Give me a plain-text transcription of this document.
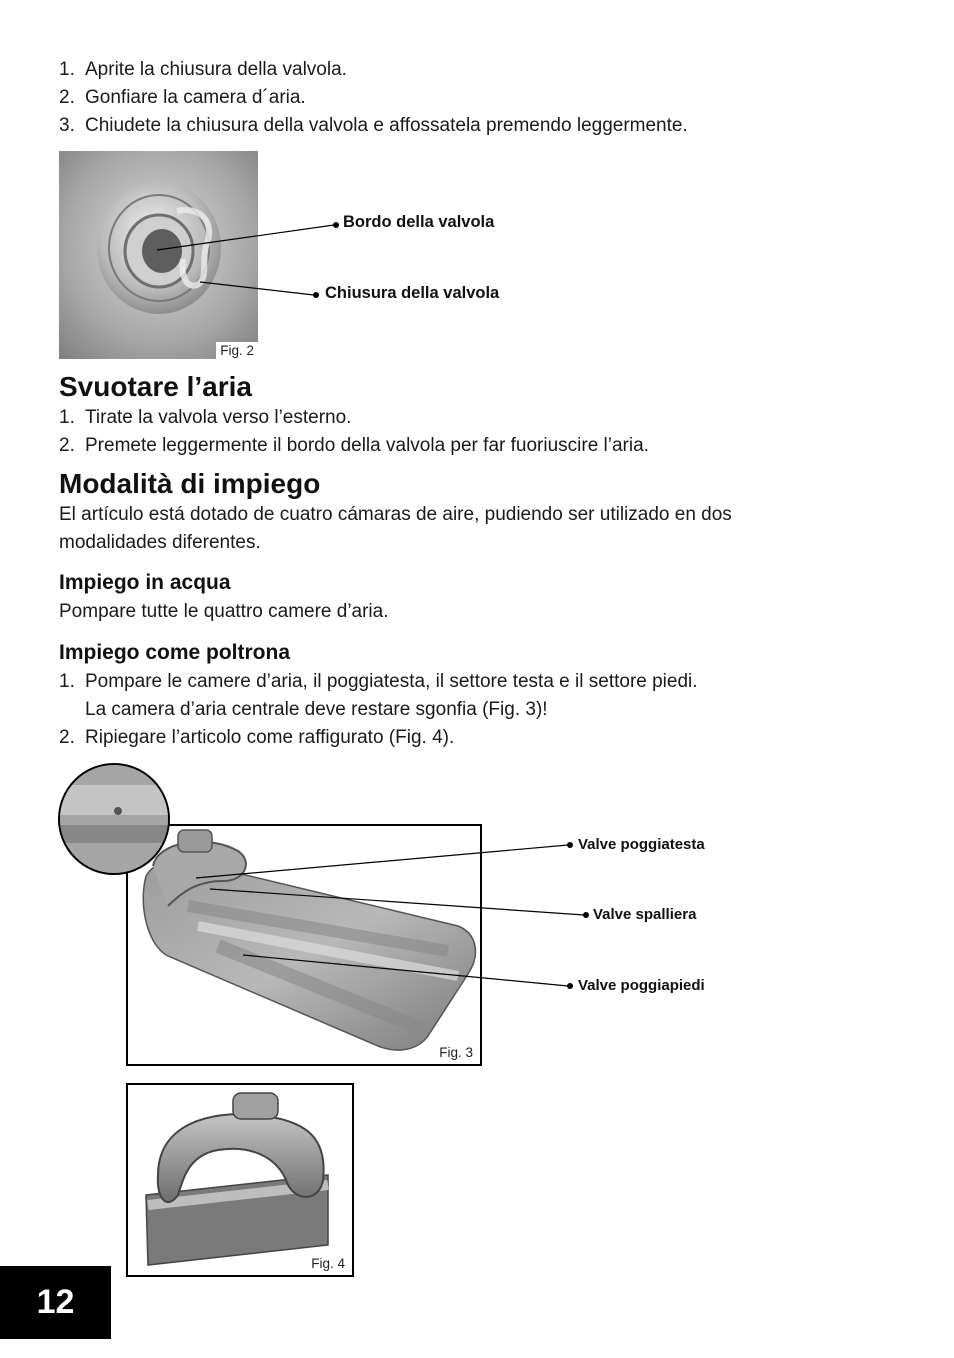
1. Aprite la chiusura della valvola.
2. Gonfiare la camera d´aria.
3. Chiudete la chiusura della valvola e affossatela premendo leggermente.
Fig. 2
Bordo della valvola
Chiusura della valvola
Svuotare l’aria
1. Tirate la valvola verso l’esterno.
2. Premete leggermente il bordo della valvola per far fuoriuscire l’aria.
Modalità di impiego
El artículo está dotado de cuatro cámaras de aire, pudiendo ser utilizado en dos
modalidades diferentes.
Impiego in acqua
Pompare tutte le quattro camere d’aria.
Impiego come poltrona
1. Pompare le camere d’aria, il poggiatesta, il settore testa e il settore piedi.
La camera d’aria centrale deve restare sgonfia (Fig. 3)!
2. Ripiegare l’articolo come raffigurato (Fig. 4).
Fig. 3
Valve poggiatesta
Valve spalliera
Valve poggiapiedi
Fig. 4
12
